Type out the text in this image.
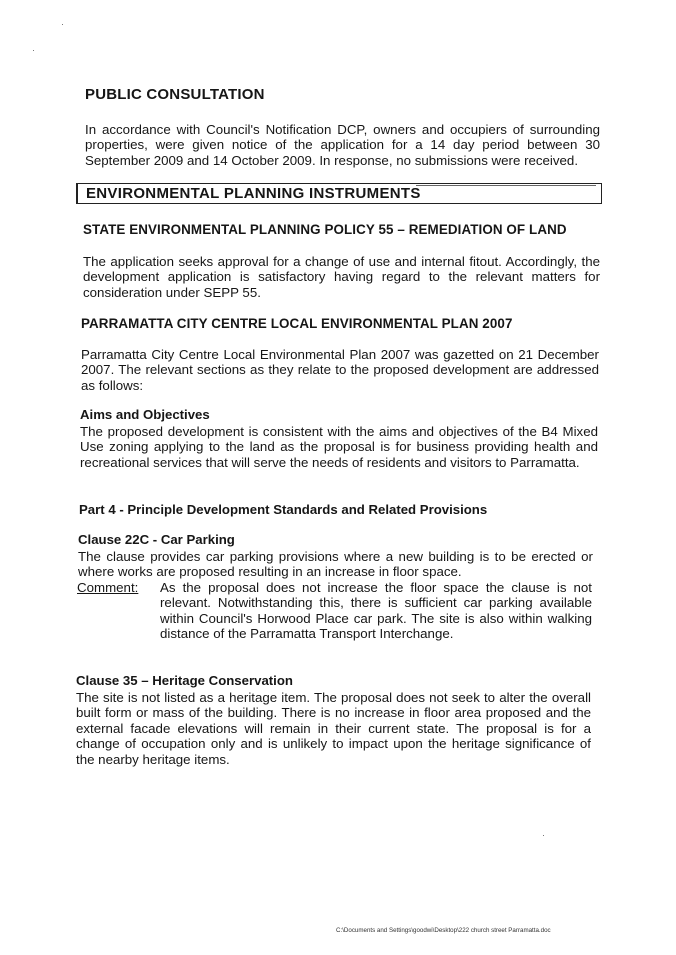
PUBLIC CONSULTATION
In accordance with Council's Notification DCP, owners and occupiers of surrounding properties, were given notice of the application for a 14 day period between 30 September 2009 and 14 October 2009. In response, no submissions were received.
ENVIRONMENTAL PLANNING INSTRUMENTS
STATE ENVIRONMENTAL PLANNING POLICY 55 – REMEDIATION OF LAND
The application seeks approval for a change of use and internal fitout. Accordingly, the development application is satisfactory having regard to the relevant matters for consideration under SEPP 55.
PARRAMATTA CITY CENTRE LOCAL ENVIRONMENTAL PLAN 2007
Parramatta City Centre Local Environmental Plan 2007 was gazetted on 21 December 2007. The relevant sections as they relate to the proposed development are addressed as follows:
Aims and Objectives
The proposed development is consistent with the aims and objectives of the B4 Mixed Use zoning applying to the land as the proposal is for business providing health and recreational services that will serve the needs of residents and visitors to Parramatta.
Part 4 - Principle Development Standards and Related Provisions
Clause 22C - Car Parking
The clause provides car parking provisions where a new building is to be erected or where works are proposed resulting in an increase in floor space.
Comment: As the proposal does not increase the floor space the clause is not relevant. Notwithstanding this, there is sufficient car parking available within Council's Horwood Place car park. The site is also within walking distance of the Parramatta Transport Interchange.
Clause 35 – Heritage Conservation
The site is not listed as a heritage item. The proposal does not seek to alter the overall built form or mass of the building. There is no increase in floor area proposed and the external facade elevations will remain in their current state. The proposal is for a change of occupation only and is unlikely to impact upon the heritage significance of the nearby heritage items.
C:\Documents and Settings\goodwi\Desktop\222 church street Parramatta.doc
